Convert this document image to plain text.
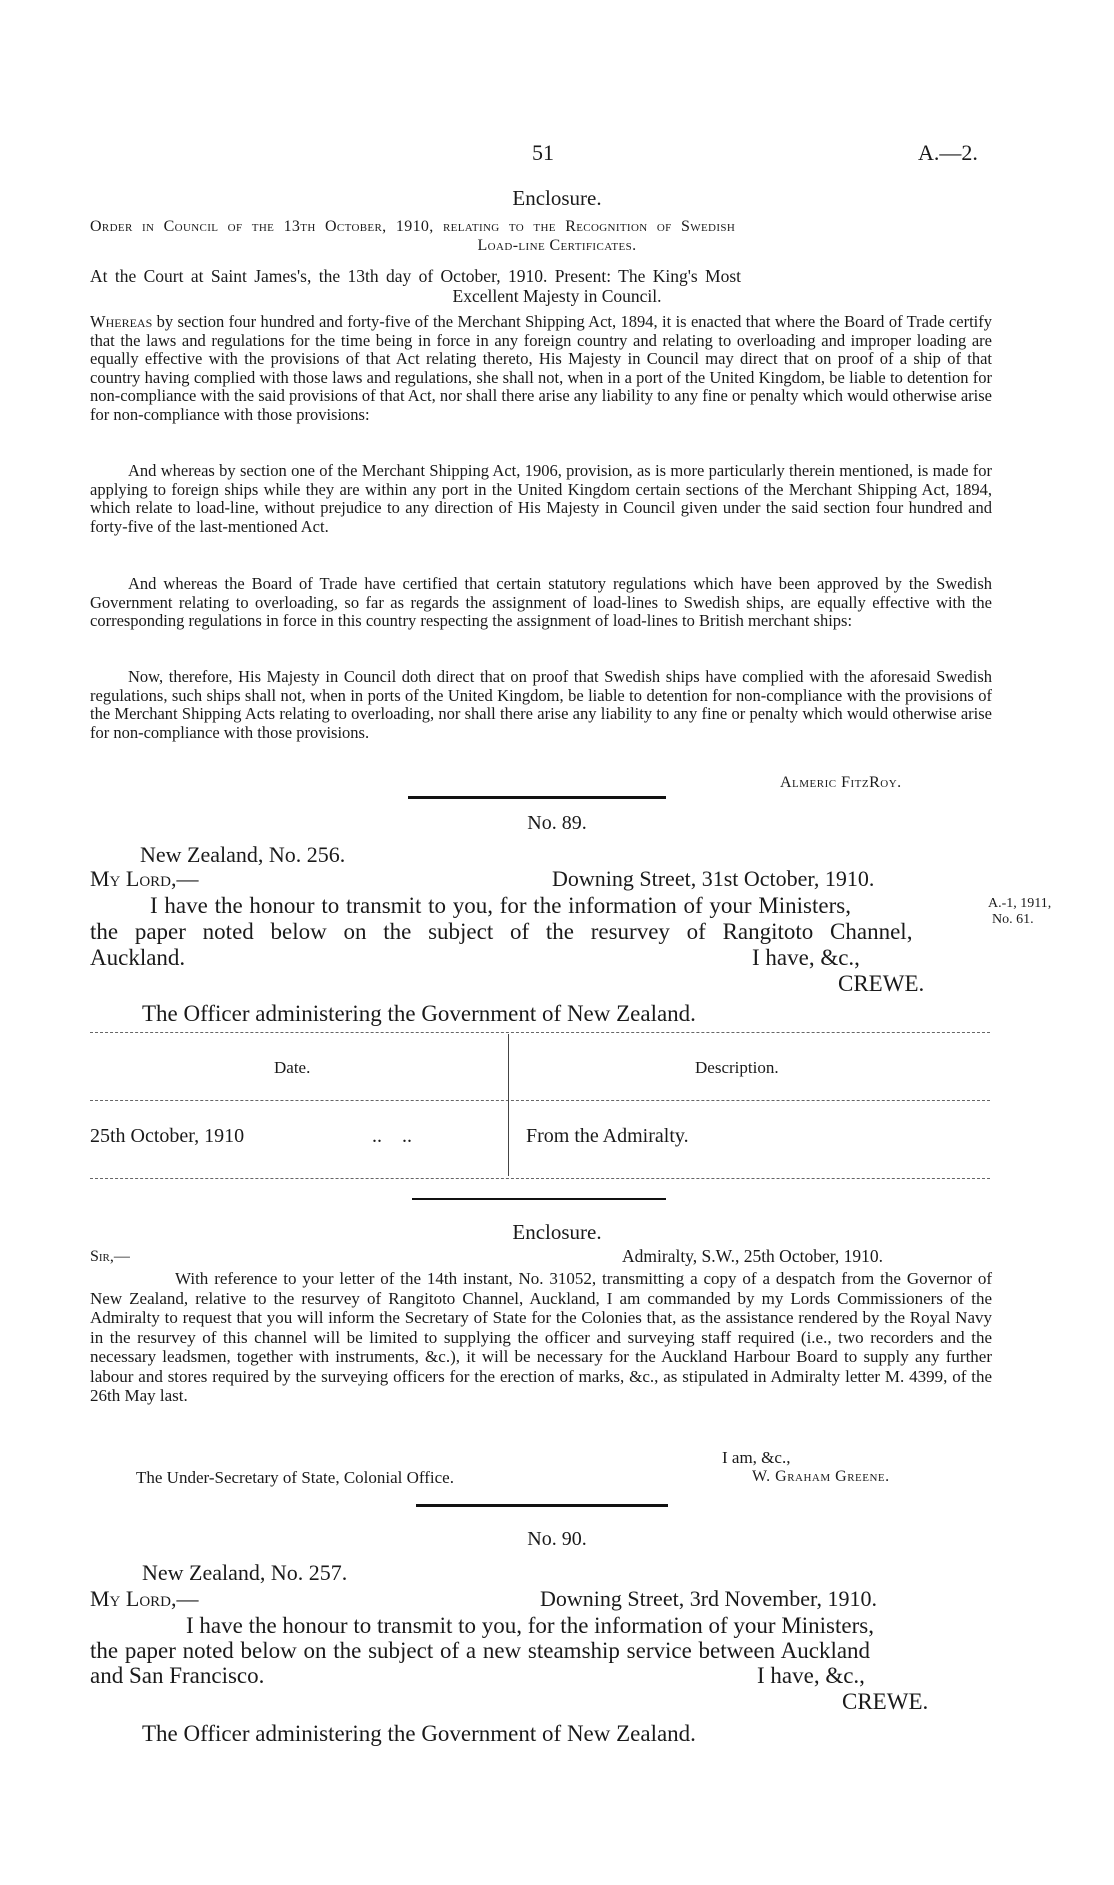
51	A.—2.
Enclosure.
Order in Council of the 13th October, 1910, relating to the Recognition of Swedish
Load-line Certificates.
At the Court at Saint James's, the 13th day of October, 1910. Present: The King's Most
Excellent Majesty in Council.
Whereas by section four hundred and forty-five of the Merchant Shipping Act, 1894, it is enacted that where the Board of Trade certify that the laws and regulations for the time being in force in any foreign country and relating to overloading and improper loading are equally effective with the provisions of that Act relating thereto, His Majesty in Council may direct that on proof of a ship of that country having complied with those laws and regulations, she shall not, when in a port of the United Kingdom, be liable to detention for non-compliance with the said provisions of that Act, nor shall there arise any liability to any fine or penalty which would otherwise arise for non-compliance with those provisions:
And whereas by section one of the Merchant Shipping Act, 1906, provision, as is more particularly therein mentioned, is made for applying to foreign ships while they are within any port in the United Kingdom certain sections of the Merchant Shipping Act, 1894, which relate to load-line, without prejudice to any direction of His Majesty in Council given under the said section four hundred and forty-five of the last-mentioned Act.
And whereas the Board of Trade have certified that certain statutory regulations which have been approved by the Swedish Government relating to overloading, so far as regards the assignment of load-lines to Swedish ships, are equally effective with the corresponding regulations in force in this country respecting the assignment of load-lines to British merchant ships:
Now, therefore, His Majesty in Council doth direct that on proof that Swedish ships have complied with the aforesaid Swedish regulations, such ships shall not, when in ports of the United Kingdom, be liable to detention for non-compliance with the provisions of the Merchant Shipping Acts relating to overloading, nor shall there arise any liability to any fine or penalty which would otherwise arise for non-compliance with those provisions.
Almeric FitzRoy.
No. 89.
New Zealand, No. 256.
My Lord,—	Downing Street, 31st October, 1910.
I have the honour to transmit to you, for the information of your Ministers,
the paper noted below on the subject of the resurvey of Rangitoto Channel,
Auckland.	I have, &c.,
CREWE.
A.-1, 1911,
No. 61.
The Officer administering the Government of New Zealand.
Date.	Description.
25th October, 1910	..    ..	From the Admiralty.
Enclosure.
Sir,—	Admiralty, S.W., 25th October, 1910.
With reference to your letter of the 14th instant, No. 31052, transmitting a copy of a despatch from the Governor of New Zealand, relative to the resurvey of Rangitoto Channel, Auckland, I am commanded by my Lords Commissioners of the Admiralty to request that you will inform the Secretary of State for the Colonies that, as the assistance rendered by the Royal Navy in the resurvey of this channel will be limited to supplying the officer and surveying staff required (i.e., two recorders and the necessary leadsmen, together with instruments, &c.), it will be necessary for the Auckland Harbour Board to supply any further labour and stores required by the surveying officers for the erection of marks, &c., as stipulated in Admiralty letter M. 4399, of the 26th May last.
I am, &c.,
The Under-Secretary of State, Colonial Office.	W. Graham Greene.
No. 90.
New Zealand, No. 257.
My Lord,—	Downing Street, 3rd November, 1910.
I have the honour to transmit to you, for the information of your Ministers,
the paper noted below on the subject of a new steamship service between Auckland
and San Francisco.	I have, &c.,
CREWE.
The Officer administering the Government of New Zealand.
